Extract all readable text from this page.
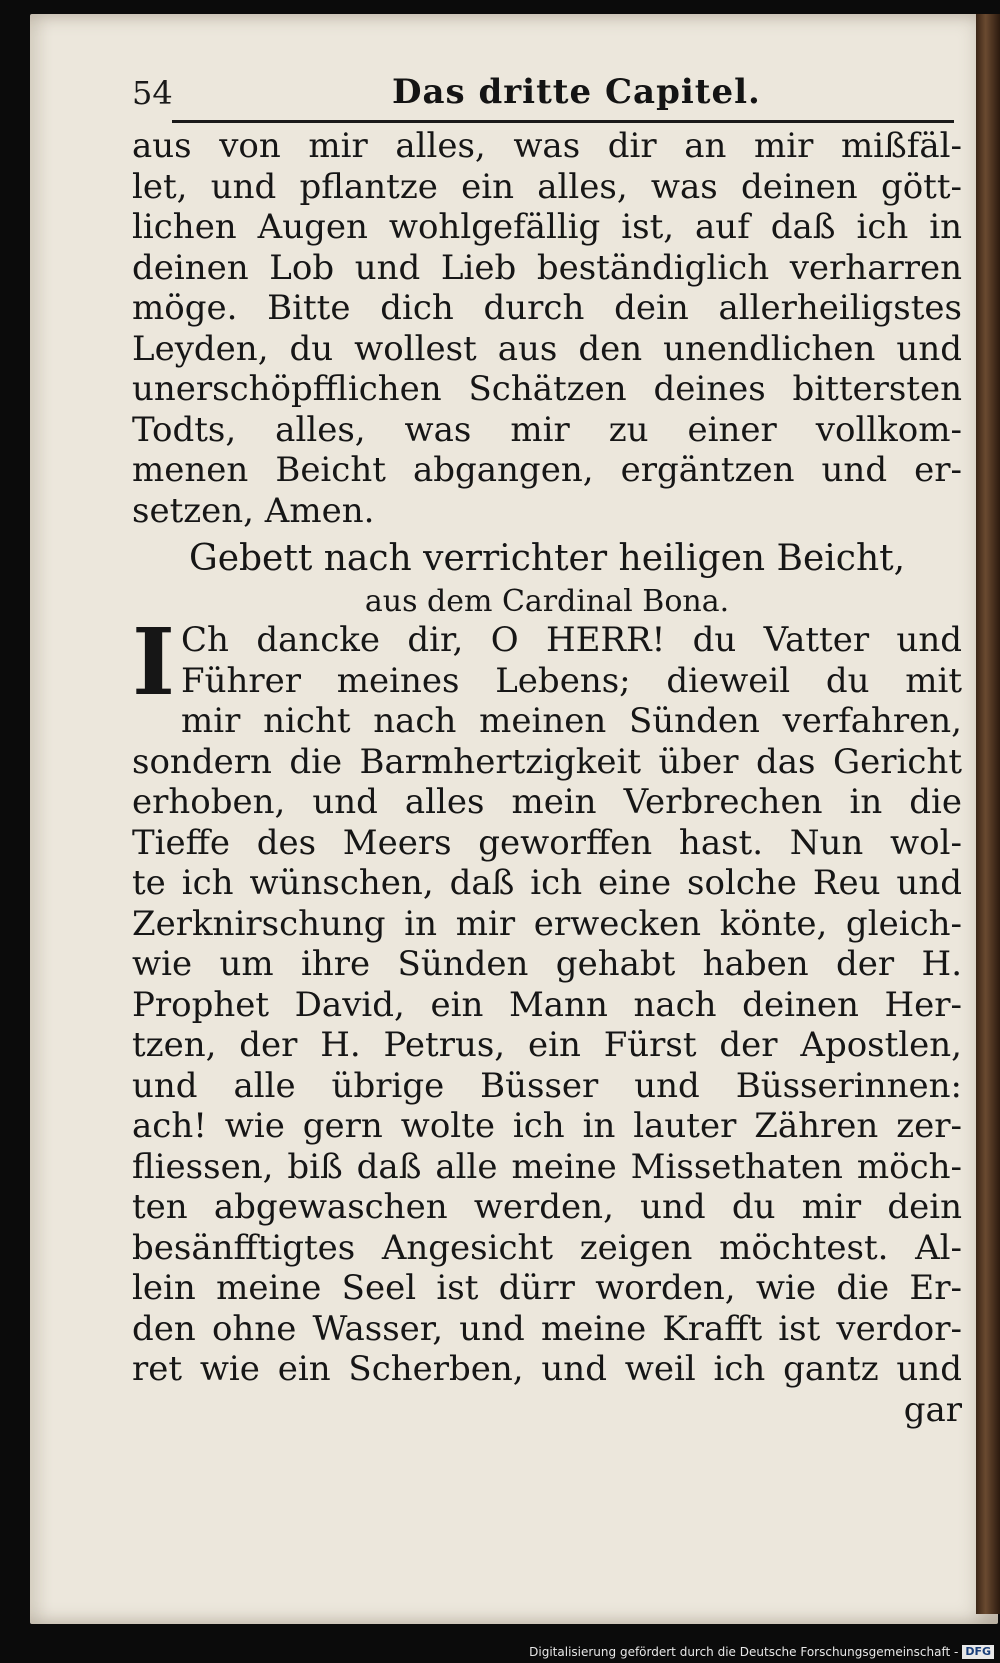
54	Das dritte Capitel.
aus von mir alles, was dir an mir mißfäl-
let, und pflantze ein alles, was deinen gött-
lichen Augen wohlgefällig ist, auf daß ich in
deinen Lob und Lieb beständiglich verharren
möge. Bitte dich durch dein allerheiligstes
Leyden, du wollest aus den unendlichen und
unerschöpfflichen Schätzen deines bittersten
Todts, alles, was mir zu einer vollkom-
menen Beicht abgangen, ergäntzen und er-
setzen, Amen.
Gebett nach verrichter heiligen Beicht,
aus dem Cardinal Bona.
I Ch dancke dir, O HERR! du Vatter und
Führer meines Lebens; dieweil du mit
mir nicht nach meinen Sünden verfahren,
sondern die Barmhertzigkeit über das Gericht
erhoben, und alles mein Verbrechen in die
Tieffe des Meers geworffen hast. Nun wol-
te ich wünschen, daß ich eine solche Reu und
Zerknirschung in mir erwecken könte, gleich-
wie um ihre Sünden gehabt haben der H.
Prophet David, ein Mann nach deinen Her-
tzen, der H. Petrus, ein Fürst der Apostlen,
und alle übrige Büsser und Büsserinnen:
ach! wie gern wolte ich in lauter Zähren zer-
fliessen, biß daß alle meine Missethaten möch-
ten abgewaschen werden, und du mir dein
besänfftigtes Angesicht zeigen möchtest. Al-
lein meine Seel ist dürr worden, wie die Er-
den ohne Wasser, und meine Krafft ist verdor-
ret wie ein Scherben, und weil ich gantz und
gar
Digitalisierung gefördert durch die Deutsche Forschungsgemeinschaft - DFG
